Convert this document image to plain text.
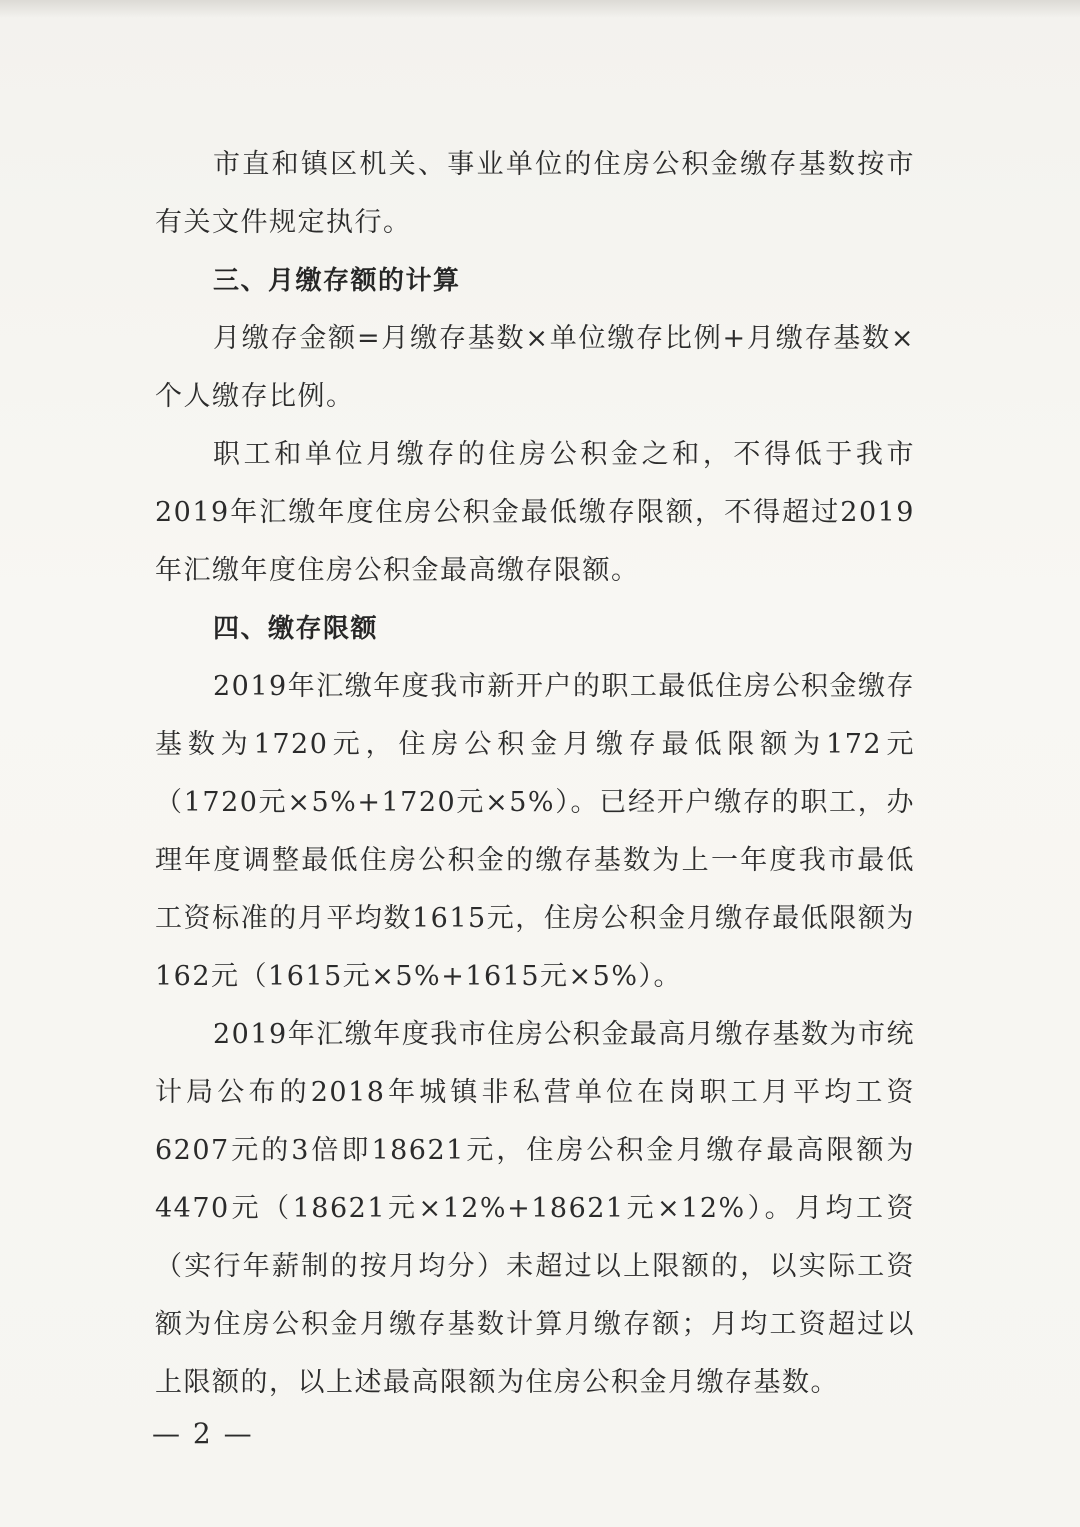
市直和镇区机关、事业单位的住房公积金缴存基数按市有关文件规定执行。

三、月缴存额的计算

月缴存金额=月缴存基数×单位缴存比例+月缴存基数×个人缴存比例。

职工和单位月缴存的住房公积金之和，不得低于我市2019年汇缴年度住房公积金最低缴存限额，不得超过2019年汇缴年度住房公积金最高缴存限额。

四、缴存限额

2019年汇缴年度我市新开户的职工最低住房公积金缴存基数为1720元，住房公积金月缴存最低限额为172元（1720元×5%+1720元×5%）。已经开户缴存的职工，办理年度调整最低住房公积金的缴存基数为上一年度我市最低工资标准的月平均数1615元，住房公积金月缴存最低限额为162元（1615元×5%+1615元×5%）。

2019年汇缴年度我市住房公积金最高月缴存基数为市统计局公布的2018年城镇非私营单位在岗职工月平均工资6207元的3倍即18621元，住房公积金月缴存最高限额为4470元（18621元×12%+18621元×12%）。月均工资（实行年薪制的按月均分）未超过以上限额的，以实际工资额为住房公积金月缴存基数计算月缴存额；月均工资超过以上限额的，以上述最高限额为住房公积金月缴存基数。

— 2 —
